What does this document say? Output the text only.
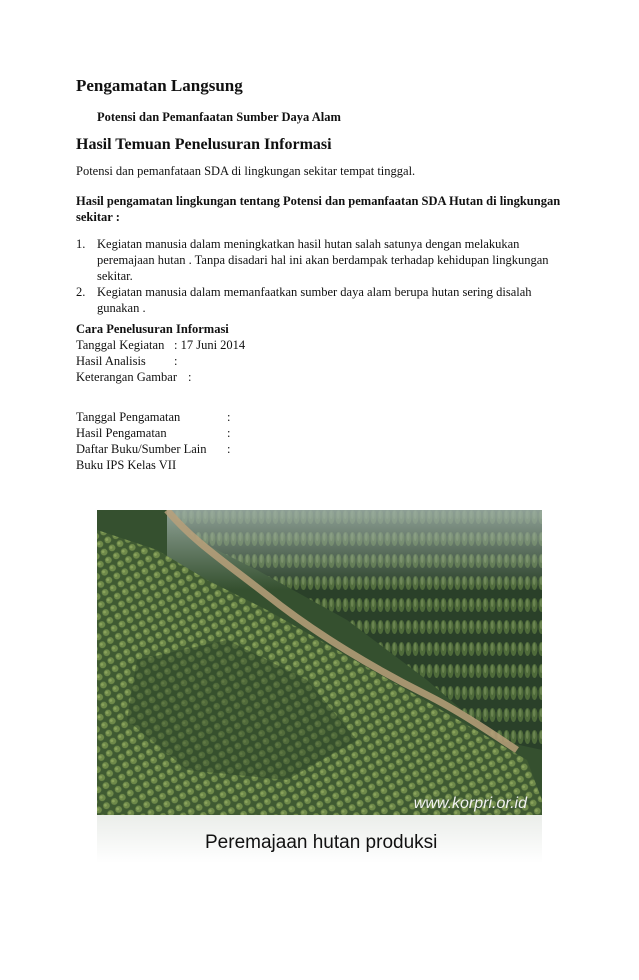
Pengamatan Langsung
Potensi dan Pemanfaatan Sumber Daya Alam
Hasil Temuan Penelusuran Informasi
Potensi dan pemanfataan SDA di lingkungan sekitar tempat tinggal.
Hasil pengamatan lingkungan tentang Potensi dan pemanfaatan SDA Hutan di lingkungan
sekitar :
1. Kegiatan manusia dalam meningkatkan hasil hutan salah satunya dengan melakukan
peremajaan hutan . Tanpa disadari hal ini akan berdampak terhadap kehidupan lingkungan
sekitar.
2. Kegiatan manusia dalam memanfaatkan sumber daya alam berupa hutan sering disalah
gunakan .
Cara Penelusuran Informasi
Tanggal Kegiatan : 17 Juni 2014
Hasil Analisis :
Keterangan Gambar :
Tanggal Pengamatan	:
Hasil Pengamatan	:
Daftar Buku/Sumber Lain :
Buku IPS Kelas VII
www.korpri.or.id
Peremajaan hutan produksi
